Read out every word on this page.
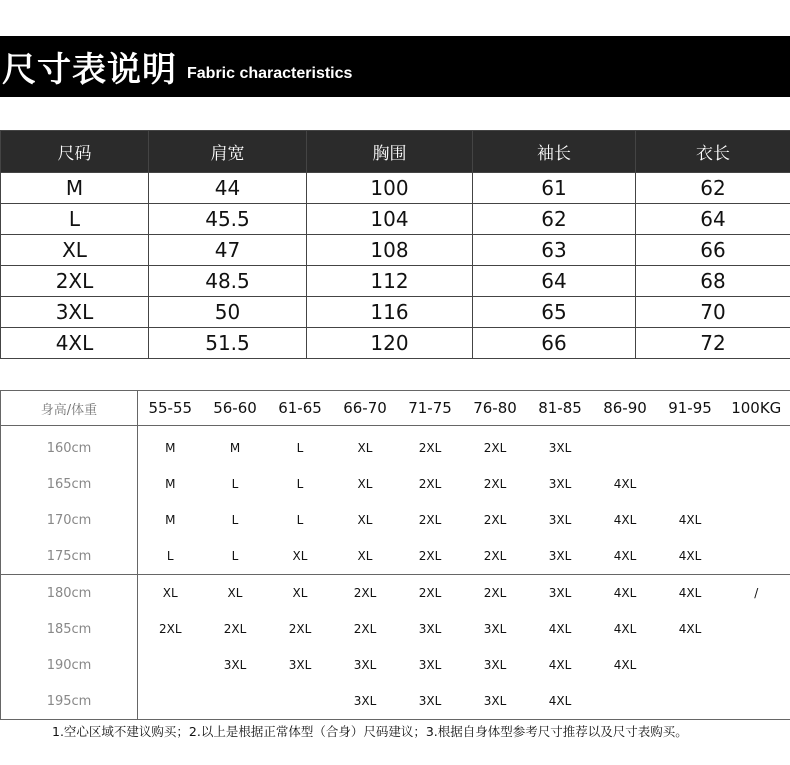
尺寸表说明 Fabric characteristics
尺码	肩宽	胸围	袖长	衣长
M	44	100	61	62
L	45.5	104	62	64
XL	47	108	63	66
2XL	48.5	112	64	68
3XL	50	116	65	70
4XL	51.5	120	66	72
身高/体重	55-55	56-60	61-65	66-70	71-75	76-80	81-85	86-90	91-95	100KG
160cm	M	M	L	XL	2XL	2XL	3XL			
165cm	M	L	L	XL	2XL	2XL	3XL	4XL		
170cm	M	L	L	XL	2XL	2XL	3XL	4XL	4XL	
175cm	L	L	XL	XL	2XL	2XL	3XL	4XL	4XL	
180cm	XL	XL	XL	2XL	2XL	2XL	3XL	4XL	4XL	/
185cm	2XL	2XL	2XL	2XL	3XL	3XL	4XL	4XL	4XL	
190cm		3XL	3XL	3XL	3XL	3XL	4XL	4XL		
195cm				3XL	3XL	3XL	4XL			
1.空心区域不建议购买；2.以上是根据正常体型（合身）尺码建议；3.根据自身体型参考尺寸推荐以及尺寸表购买。
